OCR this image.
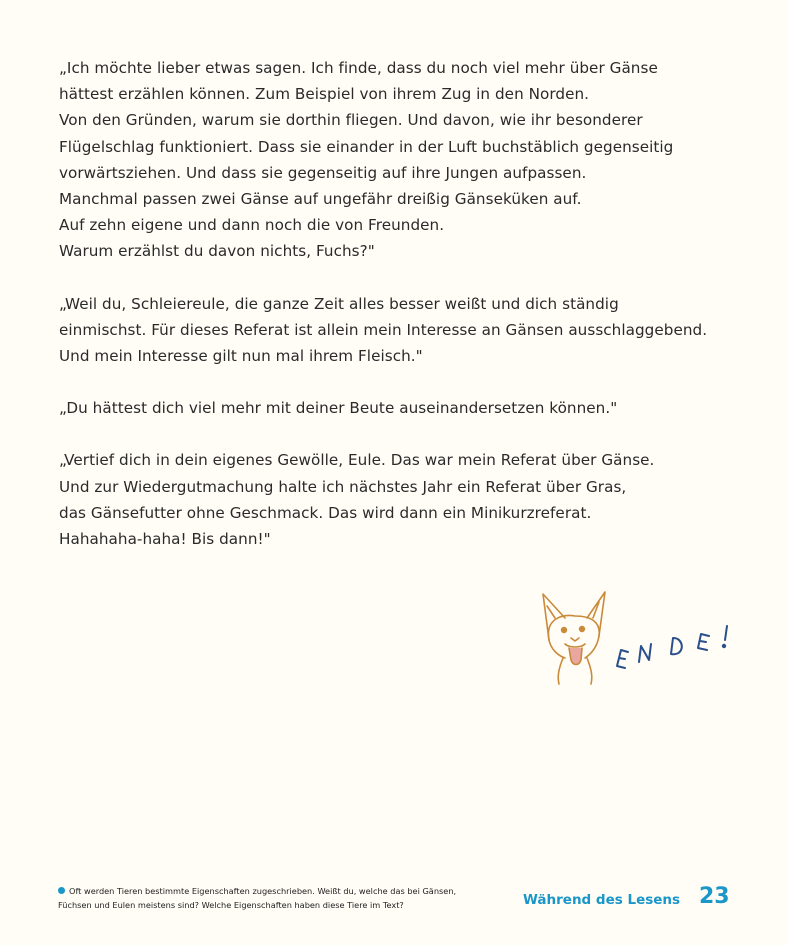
„Ich möchte lieber etwas sagen. Ich finde, dass du noch viel mehr über Gänse
hättest erzählen können. Zum Beispiel von ihrem Zug in den Norden.
Von den Gründen, warum sie dorthin fliegen. Und davon, wie ihr besonderer
Flügelschlag funktioniert. Dass sie einander in der Luft buchstäblich gegenseitig
vorwärtsziehen. Und dass sie gegenseitig auf ihre Jungen aufpassen.
Manchmal passen zwei Gänse auf ungefähr dreißig Gänseküken auf.
Auf zehn eigene und dann noch die von Freunden.
Warum erzählst du davon nichts, Fuchs?"

„Weil du, Schleiereule, die ganze Zeit alles besser weißt und dich ständig
einmischst. Für dieses Referat ist allein mein Interesse an Gänsen ausschlaggebend.
Und mein Interesse gilt nun mal ihrem Fleisch."

„Du hättest dich viel mehr mit deiner Beute auseinandersetzen können."

„Vertief dich in dein eigenes Gewölle, Eule. Das war mein Referat über Gänse.
Und zur Wiedergutmachung halte ich nächstes Jahr ein Referat über Gras,
das Gänsefutter ohne Geschmack. Das wird dann ein Minikurzreferat.
Hahahaha-haha! Bis dann!"

Oft werden Tieren bestimmte Eigenschaften zugeschrieben. Weißt du, welche das bei Gänsen,
Füchsen und Eulen meistens sind? Welche Eigenschaften haben diese Tiere im Text?	Während des Lesens 23
